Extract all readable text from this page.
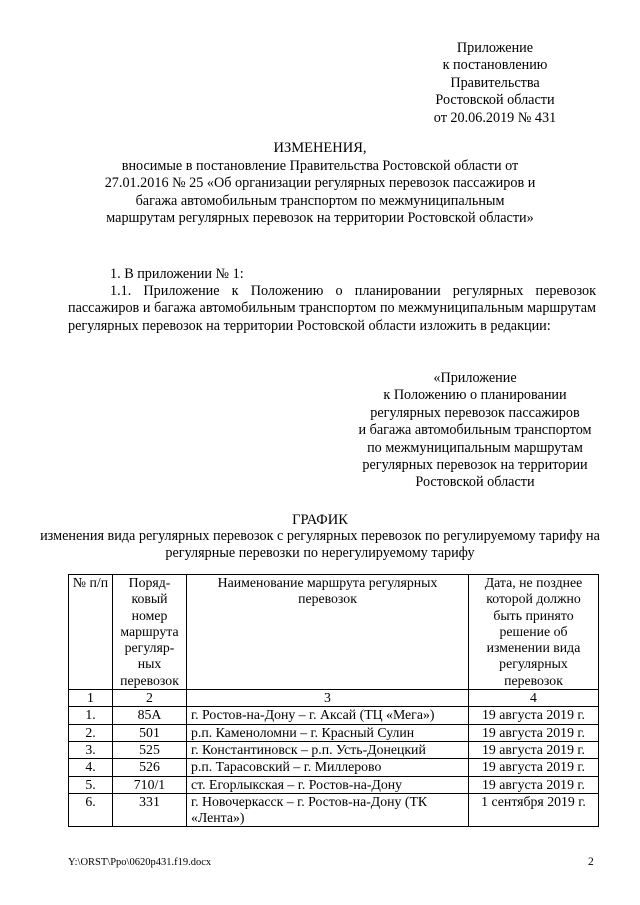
Приложение
к постановлению
Правительства
Ростовской области
от 20.06.2019 № 431
ИЗМЕНЕНИЯ,
вносимые в постановление Правительства Ростовской области от 27.01.2016 № 25 «Об организации регулярных перевозок пассажиров и багажа автомобильным транспортом по межмуниципальным маршрутам регулярных перевозок на территории Ростовской области»
1. В приложении № 1:
1.1. Приложение к Положению о планировании регулярных перевозок пассажиров и багажа автомобильным транспортом по межмуниципальным маршрутам регулярных перевозок на территории Ростовской области изложить в редакции:
«Приложение
к Положению о планировании
регулярных перевозок пассажиров
и багажа автомобильным транспортом
по межмуниципальным маршрутам
регулярных перевозок на территории
Ростовской области
ГРАФИК
изменения вида регулярных перевозок с регулярных перевозок по регулируемому тарифу на регулярные перевозки по нерегулируемому тарифу
№ п/п	Поряд-ковый номер маршрута регуляр-ных перевозок	Наименование маршрута регулярных перевозок	Дата, не позднее которой должно быть принято решение об изменении вида регулярных перевозок
1	2	3	4
1.	85А	г. Ростов-на-Дону – г. Аксай (ТЦ «Мега»)	19 августа 2019 г.
2.	501	р.п. Каменоломни – г. Красный Сулин	19 августа 2019 г.
3.	525	г. Константиновск – р.п. Усть-Донецкий	19 августа 2019 г.
4.	526	р.п. Тарасовский – г. Миллерово	19 августа 2019 г.
5.	710/1	ст. Егорлыкская – г. Ростов-на-Дону	19 августа 2019 г.
6.	331	г. Новочеркасск – г. Ростов-на-Дону (ТК «Лента»)	1 сентября 2019 г.
Y:\ORST\Ppo\0620p431.f19.docx	2
